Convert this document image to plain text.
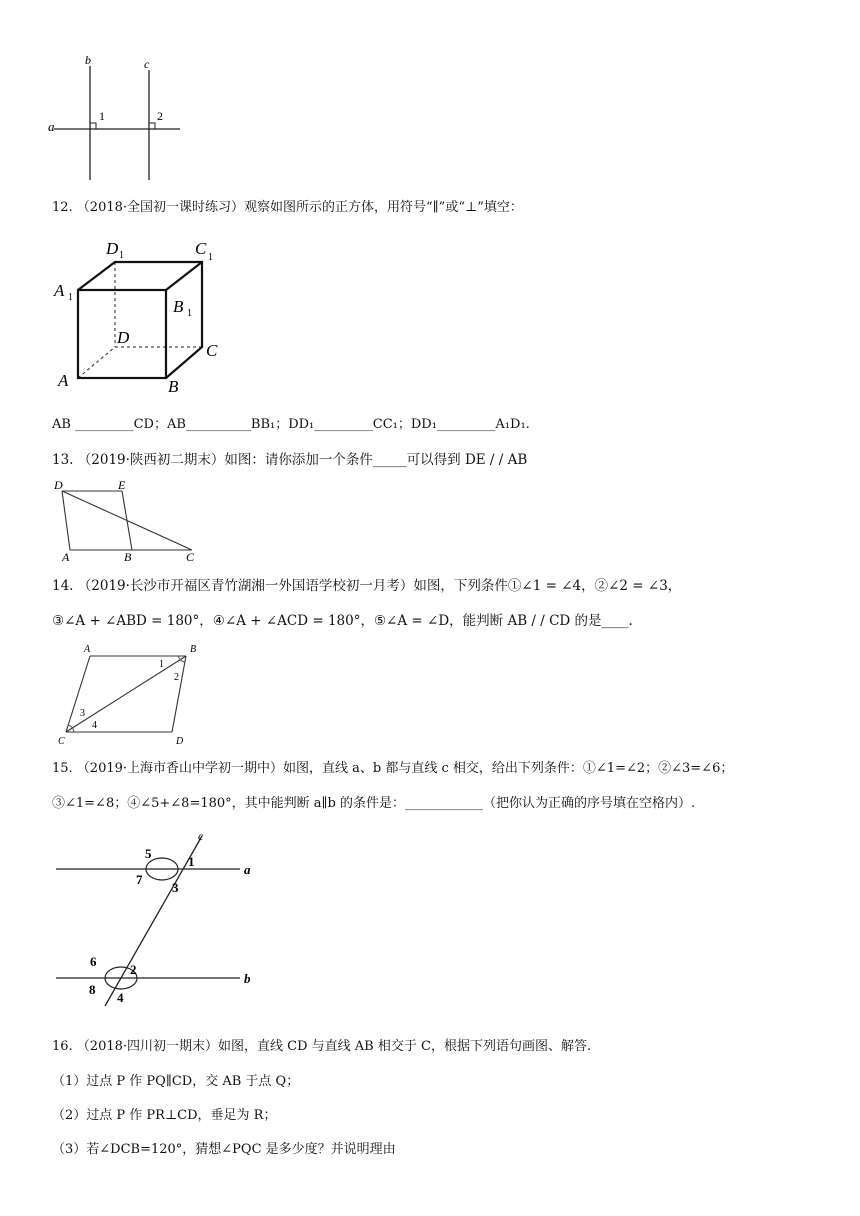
b	c
a
1	2
12. （2018·全国初一课时练习）观察如图所示的正方体，用符号“∥”或“⊥”填空：
D 1	C 1
A 1	B 1
D
C
A	B
AB _________CD；AB__________BB₁；DD₁_________CC₁；DD₁_________A₁D₁.
13. （2019·陕西初二期末）如图：请你添加一个条件_____可以得到 DE / / AB
D	E
A	B	C
14. （2019·长沙市开福区青竹湖湘一外国语学校初一月考）如图，下列条件①∠1 = ∠4，②∠2 = ∠3，
③∠A + ∠ABD = 180°，④∠A + ∠ACD = 180°，⑤∠A = ∠D，能判断 AB / / CD 的是____.
A	B
1
2
3
4
C	D
15. （2019·上海市香山中学初一期中）如图，直线 a、b 都与直线 c 相交，给出下列条件：①∠1=∠2；②∠3=∠6；
③∠1=∠8；④∠5+∠8=180°，其中能判断 a∥b 的条件是：____________（把你认为正确的序号填在空格内）.
c
5
1
a
7
3
6
2
b
8
4
16. （2018·四川初一期末）如图，直线 CD 与直线 AB 相交于 C，根据下列语句画图、解答.
（1）过点 P 作 PQ∥CD，交 AB 于点 Q；
（2）过点 P 作 PR⊥CD，垂足为 R；
（3）若∠DCB=120°，猜想∠PQC 是多少度？并说明理由
